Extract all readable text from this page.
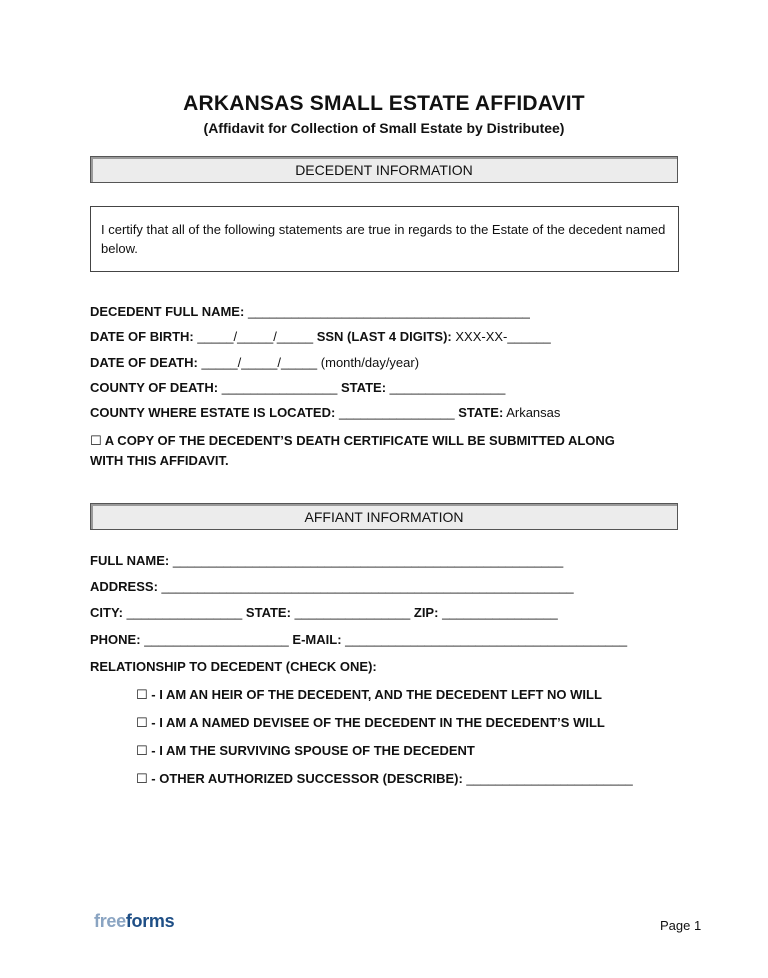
ARKANSAS SMALL ESTATE AFFIDAVIT
(Affidavit for Collection of Small Estate by Distributee)
DECEDENT INFORMATION
I certify that all of the following statements are true in regards to the Estate of the decedent named below.
DECEDENT FULL NAME: _______________________________________
DATE OF BIRTH: _____/_____/_____ SSN (LAST 4 DIGITS): XXX-XX-______
DATE OF DEATH: _____/_____/_____ (month/day/year)
COUNTY OF DEATH: ________________ STATE: ________________
COUNTY WHERE ESTATE IS LOCATED: ________________ STATE: Arkansas
☐ A COPY OF THE DECEDENT’S DEATH CERTIFICATE WILL BE SUBMITTED ALONG
WITH THIS AFFIDAVIT.
AFFIANT INFORMATION
FULL NAME: ______________________________________________________
ADDRESS: _________________________________________________________
CITY: ________________ STATE: ________________ ZIP: ________________
PHONE: ____________________ E-MAIL: _______________________________________
RELATIONSHIP TO DECEDENT (CHECK ONE):
☐ - I AM AN HEIR OF THE DECEDENT, AND THE DECEDENT LEFT NO WILL
☐ - I AM A NAMED DEVISEE OF THE DECEDENT IN THE DECEDENT’S WILL
☐ - I AM THE SURVIVING SPOUSE OF THE DECEDENT
☐ - OTHER AUTHORIZED SUCCESSOR (DESCRIBE): _______________________
freeforms	Page 1
